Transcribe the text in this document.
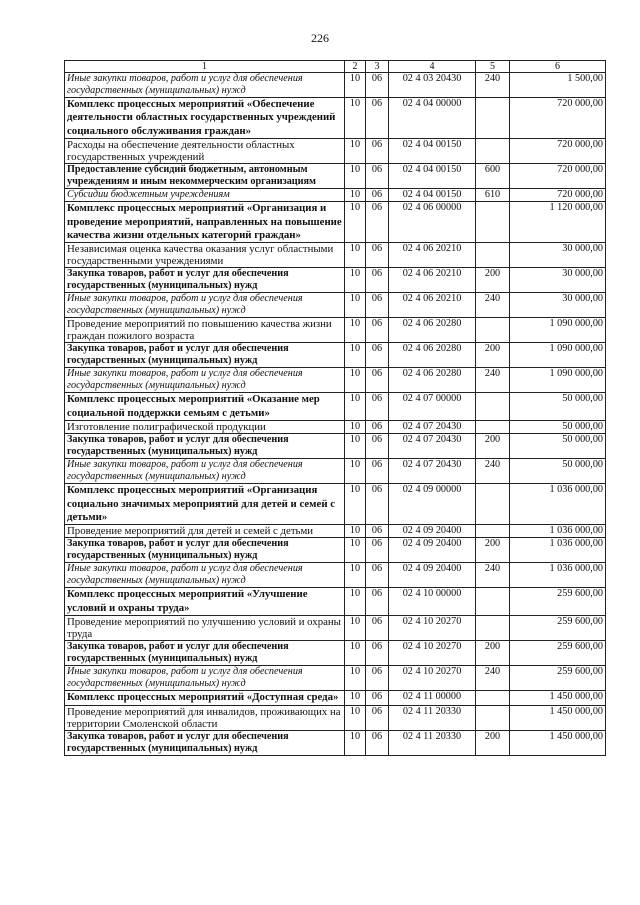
226
1	2	3	4	5	6
Иные закупки товаров, работ и услуг для обеспечения государственных (муниципальных) нужд	10	06	02 4 03 20430	240	1 500,00
Комплекс процессных мероприятий «Обеспечение деятельности областных государственных учреждений социального обслуживания граждан»	10	06	02 4 04 00000		720 000,00
Расходы на обеспечение деятельности областных государственных учреждений	10	06	02 4 04 00150		720 000,00
Предоставление субсидий бюджетным, автономным учреждениям и иным некоммерческим организациям	10	06	02 4 04 00150	600	720 000,00
Субсидии бюджетным учреждениям	10	06	02 4 04 00150	610	720 000,00
Комплекс процессных мероприятий «Организация и проведение мероприятий, направленных на повышение качества жизни отдельных категорий граждан»	10	06	02 4 06 00000		1 120 000,00
Независимая оценка качества оказания услуг областными государственными учреждениями	10	06	02 4 06 20210		30 000,00
Закупка товаров, работ и услуг для обеспечения государственных (муниципальных) нужд	10	06	02 4 06 20210	200	30 000,00
Иные закупки товаров, работ и услуг для обеспечения государственных (муниципальных) нужд	10	06	02 4 06 20210	240	30 000,00
Проведение мероприятий по повышению качества жизни граждан пожилого возраста	10	06	02 4 06 20280		1 090 000,00
Закупка товаров, работ и услуг для обеспечения государственных (муниципальных) нужд	10	06	02 4 06 20280	200	1 090 000,00
Иные закупки товаров, работ и услуг для обеспечения государственных (муниципальных) нужд	10	06	02 4 06 20280	240	1 090 000,00
Комплекс процессных мероприятий «Оказание мер социальной поддержки семьям с детьми»	10	06	02 4 07 00000		50 000,00
Изготовление полиграфической продукции	10	06	02 4 07 20430		50 000,00
Закупка товаров, работ и услуг для обеспечения государственных (муниципальных) нужд	10	06	02 4 07 20430	200	50 000,00
Иные закупки товаров, работ и услуг для обеспечения государственных (муниципальных) нужд	10	06	02 4 07 20430	240	50 000,00
Комплекс процессных мероприятий «Организация социально значимых мероприятий для детей и семей с детьми»	10	06	02 4 09 00000		1 036 000,00
Проведение мероприятий для детей и семей с детьми	10	06	02 4 09 20400		1 036 000,00
Закупка товаров, работ и услуг для обеспечения государственных (муниципальных) нужд	10	06	02 4 09 20400	200	1 036 000,00
Иные закупки товаров, работ и услуг для обеспечения государственных (муниципальных) нужд	10	06	02 4 09 20400	240	1 036 000,00
Комплекс процессных мероприятий «Улучшение условий и охраны труда»	10	06	02 4 10 00000		259 600,00
Проведение мероприятий по улучшению условий и охраны труда	10	06	02 4 10 20270		259 600,00
Закупка товаров, работ и услуг для обеспечения государственных (муниципальных) нужд	10	06	02 4 10 20270	200	259 600,00
Иные закупки товаров, работ и услуг для обеспечения государственных (муниципальных) нужд	10	06	02 4 10 20270	240	259 600,00
Комплекс процессных мероприятий «Доступная среда»	10	06	02 4 11 00000		1 450 000,00
Проведение мероприятий для инвалидов, проживающих на территории Смоленской области	10	06	02 4 11 20330		1 450 000,00
Закупка товаров, работ и услуг для обеспечения государственных (муниципальных) нужд	10	06	02 4 11 20330	200	1 450 000,00
